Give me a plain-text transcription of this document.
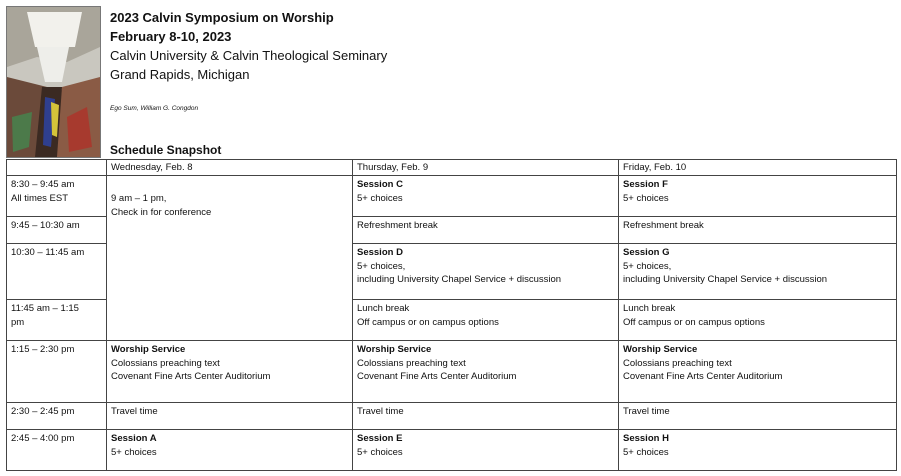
2023 Calvin Symposium on Worship
February 8-10, 2023
Calvin University & Calvin Theological Seminary
Grand Rapids, Michigan
Ego Sum, William G. Congdon
Schedule Snapshot
Wednesday, Feb. 8	Thursday, Feb. 9	Friday, Feb. 10
8:30 – 9:45 am
All times EST
9:45 – 10:30 am
10:30 – 11:45 am
11:45 am – 1:15
pm
1:15 – 2:30 pm
2:30 – 2:45 pm
2:45 – 4:00 pm
9 am – 1 pm,
Check in for conference
Worship Service
Colossians preaching text
Covenant Fine Arts Center Auditorium
Travel time
Session A
5+ choices
Session C
5+ choices
Refreshment break
Session D
5+ choices,
including University Chapel Service + discussion
Lunch break
Off campus or on campus options
Worship Service
Colossians preaching text
Covenant Fine Arts Center Auditorium
Travel time
Session E
5+ choices
Session F
5+ choices
Refreshment break
Session G
5+ choices,
including University Chapel Service + discussion
Lunch break
Off campus or on campus options
Worship Service
Colossians preaching text
Covenant Fine Arts Center Auditorium
Travel time
Session H
5+ choices
